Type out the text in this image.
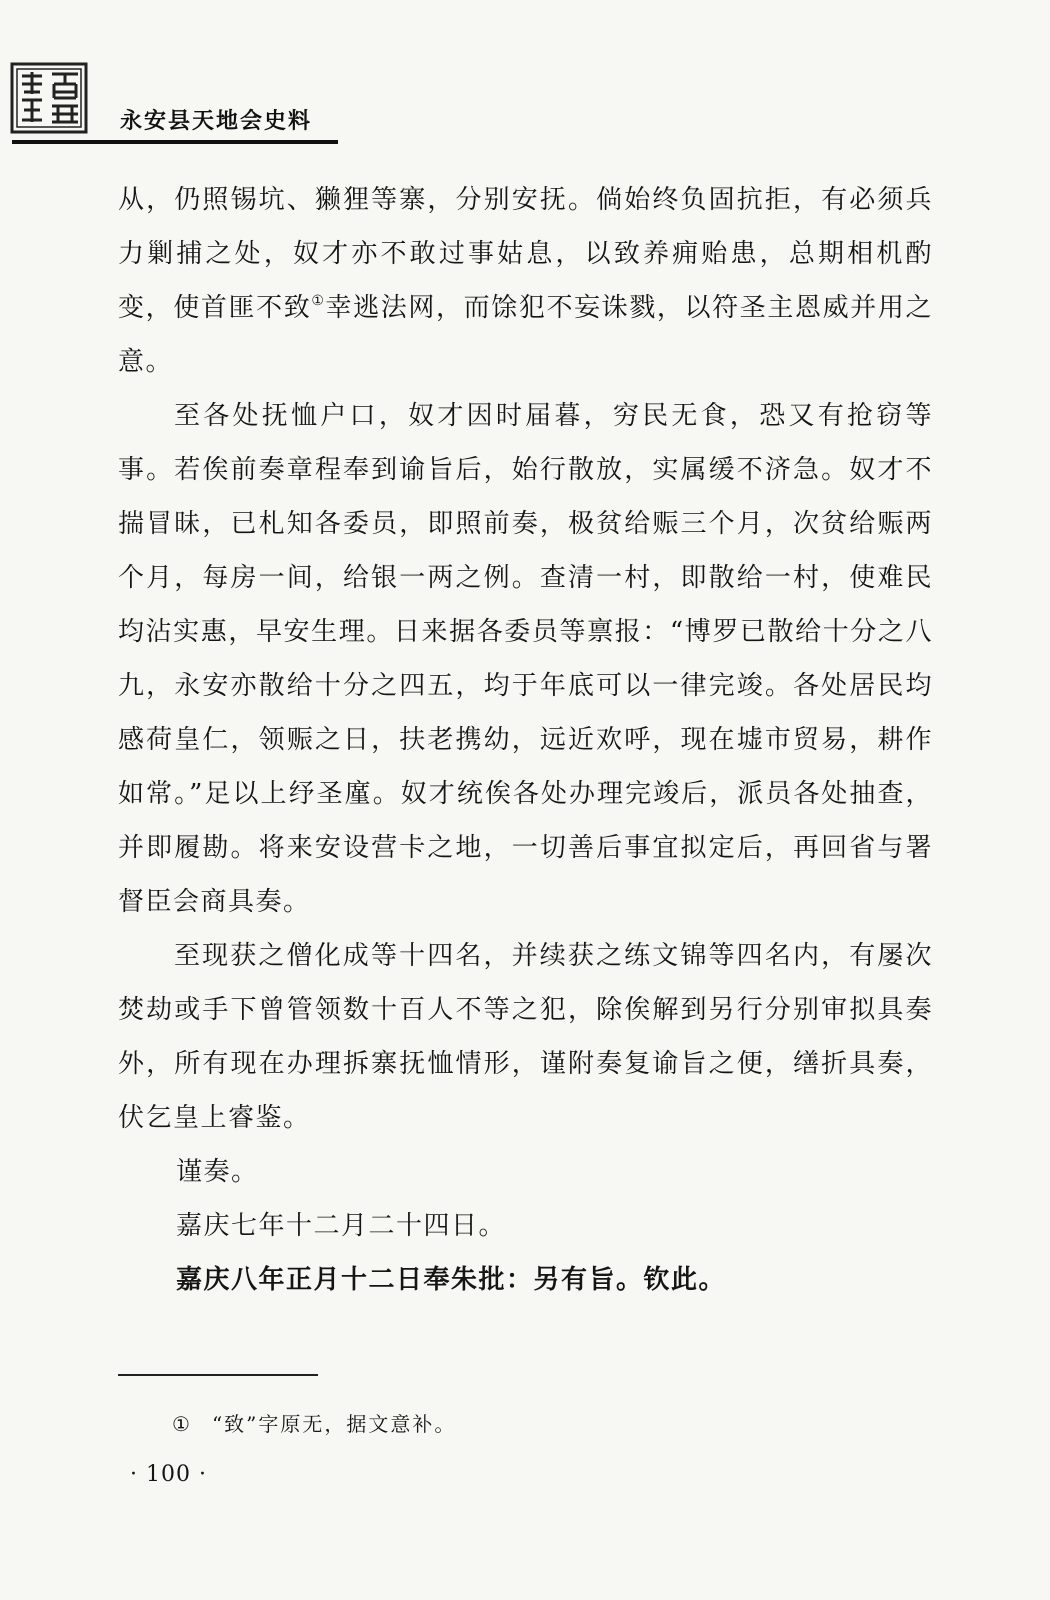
永安县天地会史料

从，仍照锡坑、獭狸等寨，分别安抚。倘始终负固抗拒，有必须兵力剿捕之处，奴才亦不敢过事姑息，以致养痈贻患，总期相机酌变，使首匪不致①幸逃法网，而馀犯不妄诛戮，以符圣主恩威并用之意。

至各处抚恤户口，奴才因时届暮，穷民无食，恐又有抢窃等事。若俟前奏章程奉到谕旨后，始行散放，实属缓不济急。奴才不揣冒昧，已札知各委员，即照前奏，极贫给赈三个月，次贫给赈两个月，每房一间，给银一两之例。查清一村，即散给一村，使难民均沾实惠，早安生理。日来据各委员等禀报：“博罗已散给十分之八九，永安亦散给十分之四五，均于年底可以一律完竣。各处居民均感荷皇仁，领赈之日，扶老携幼，远近欢呼，现在墟市贸易，耕作如常。”足以上纾圣廑。奴才统俟各处办理完竣后，派员各处抽查，并即履勘。将来安设营卡之地，一切善后事宜拟定后，再回省与署督臣会商具奏。

至现获之僧化成等十四名，并续获之练文锦等四名内，有屡次焚劫或手下曾管领数十百人不等之犯，除俟解到另行分别审拟具奏外，所有现在办理拆寨抚恤情形，谨附奏复谕旨之便，缮折具奏，伏乞皇上睿鉴。

谨奏。

嘉庆七年十二月二十四日。

嘉庆八年正月十二日奉朱批：另有旨。钦此。

① “致”字原无，据文意补。
· 100 ·
